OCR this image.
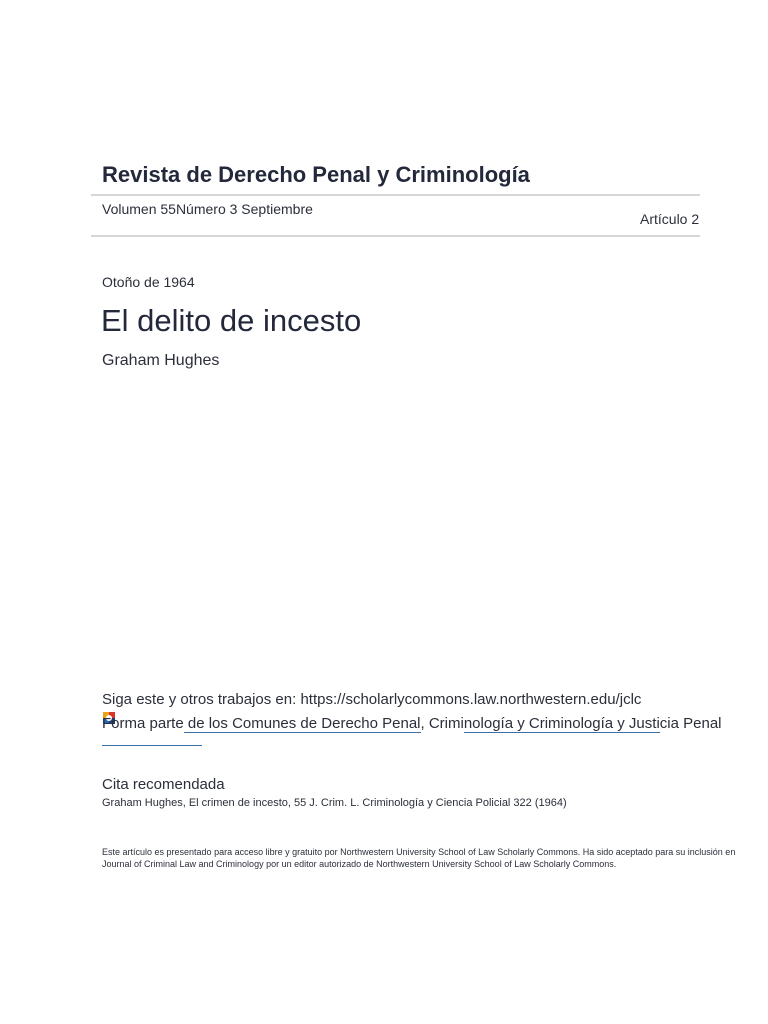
Revista de Derecho Penal y Criminología
Volumen 55Número 3 Septiembre
Artículo 2
Otoño de 1964
El delito de incesto
Graham Hughes
Siga este y otros trabajos en: https://scholarlycommons.law.northwestern.edu/jclc
Forma parte de los Comunes de Derecho Penal, Criminología y Criminología y Justicia Penal
Cita recomendada
Graham Hughes, El crimen de incesto, 55 J. Crim. L. Criminología y Ciencia Policial 322 (1964)
Este artículo es presentado para acceso libre y gratuito por Northwestern University School of Law Scholarly Commons. Ha sido aceptado para su inclusión en Journal of Criminal Law and Criminology por un editor autorizado de Northwestern University School of Law Scholarly Commons.
